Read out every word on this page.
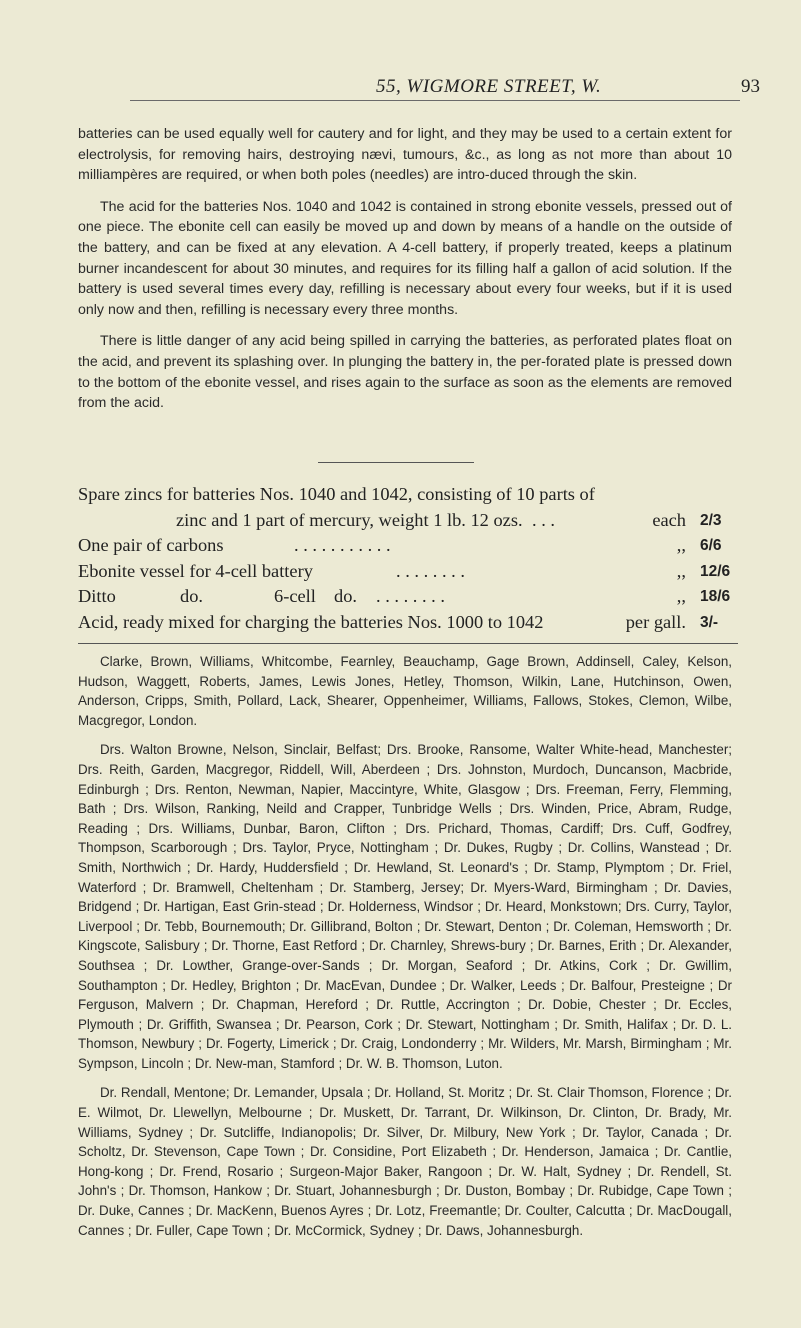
55, WIGMORE STREET, W.	93

batteries can be used equally well for cautery and for light, and they may be used to a certain extent for electrolysis, for removing hairs, destroying nævi, tumours, &c., as long as not more than about 10 milliampères are required, or when both poles (needles) are intro-duced through the skin.

The acid for the batteries Nos. 1040 and 1042 is contained in strong ebonite vessels, pressed out of one piece. The ebonite cell can easily be moved up and down by means of a handle on the outside of the battery, and can be fixed at any elevation. A 4-cell battery, if properly treated, keeps a platinum burner incandescent for about 30 minutes, and requires for its filling half a gallon of acid solution. If the battery is used several times every day, refilling is necessary about every four weeks, but if it is used only now and then, refilling is necessary every three months.

There is little danger of any acid being spilled in carrying the batteries, as perforated plates float on the acid, and prevent its splashing over. In plunging the battery in, the per-forated plate is pressed down to the bottom of the ebonite vessel, and rises again to the surface as soon as the elements are removed from the acid.

Spare zincs for batteries Nos. 1040 and 1042, consisting of 10 parts of
zinc and 1 part of mercury, weight 1 lb. 12 ozs. . . .	each 2/3
One pair of carbons	. . . . . . . . . . .	,, 6/6
Ebonite vessel for 4-cell battery	. . . . . . . .	,, 12/6
Ditto	do.	6-cell do. . . . . . . . .	,, 18/6
Acid, ready mixed for charging the batteries Nos. 1000 to 1042	per gall. 3/-

Clarke, Brown, Williams, Whitcombe, Fearnley, Beauchamp, Gage Brown, Addinsell, Caley, Kelson, Hudson, Waggett, Roberts, James, Lewis Jones, Hetley, Thomson, Wilkin, Lane, Hutchinson, Owen, Anderson, Cripps, Smith, Pollard, Lack, Shearer, Oppenheimer, Williams, Fallows, Stokes, Clemon, Wilbe, Macgregor, London.

Drs. Walton Browne, Nelson, Sinclair, Belfast; Drs. Brooke, Ransome, Walter White-head, Manchester; Drs. Reith, Garden, Macgregor, Riddell, Will, Aberdeen ; Drs. Johnston, Murdoch, Duncanson, Macbride, Edinburgh ; Drs. Renton, Newman, Napier, Maccintyre, White, Glasgow ; Drs. Freeman, Ferry, Flemming, Bath ; Drs. Wilson, Ranking, Neild and Crapper, Tunbridge Wells ; Drs. Winden, Price, Abram, Rudge, Reading ; Drs. Williams, Dunbar, Baron, Clifton ; Drs. Prichard, Thomas, Cardiff; Drs. Cuff, Godfrey, Thompson, Scarborough ; Drs. Taylor, Pryce, Nottingham ; Dr. Dukes, Rugby ; Dr. Collins, Wanstead ; Dr. Smith, Northwich ; Dr. Hardy, Huddersfield ; Dr. Hewland, St. Leonard's ; Dr. Stamp, Plymptom ; Dr. Friel, Waterford ; Dr. Bramwell, Cheltenham ; Dr. Stamberg, Jersey; Dr. Myers-Ward, Birmingham ; Dr. Davies, Bridgend ; Dr. Hartigan, East Grin-stead ; Dr. Holderness, Windsor ; Dr. Heard, Monkstown; Drs. Curry, Taylor, Liverpool ; Dr. Tebb, Bournemouth; Dr. Gillibrand, Bolton ; Dr. Stewart, Denton ; Dr. Coleman, Hemsworth ; Dr. Kingscote, Salisbury ; Dr. Thorne, East Retford ; Dr. Charnley, Shrews-bury ; Dr. Barnes, Erith ; Dr. Alexander, Southsea ; Dr. Lowther, Grange-over-Sands ; Dr. Morgan, Seaford ; Dr. Atkins, Cork ; Dr. Gwillim, Southampton ; Dr. Hedley, Brighton ; Dr. MacEvan, Dundee ; Dr. Walker, Leeds ; Dr. Balfour, Presteigne ; Dr Ferguson, Malvern ; Dr. Chapman, Hereford ; Dr. Ruttle, Accrington ; Dr. Dobie, Chester ; Dr. Eccles, Plymouth ; Dr. Griffith, Swansea ; Dr. Pearson, Cork ; Dr. Stewart, Nottingham ; Dr. Smith, Halifax ; Dr. D. L. Thomson, Newbury ; Dr. Fogerty, Limerick ; Dr. Craig, Londonderry ; Mr. Wilders, Mr. Marsh, Birmingham ; Mr. Sympson, Lincoln ; Dr. New-man, Stamford ; Dr. W. B. Thomson, Luton.

Dr. Rendall, Mentone; Dr. Lemander, Upsala ; Dr. Holland, St. Moritz ; Dr. St. Clair Thomson, Florence ; Dr. E. Wilmot, Dr. Llewellyn, Melbourne ; Dr. Muskett, Dr. Tarrant, Dr. Wilkinson, Dr. Clinton, Dr. Brady, Mr. Williams, Sydney ; Dr. Sutcliffe, Indianopolis; Dr. Silver, Dr. Milbury, New York ; Dr. Taylor, Canada ; Dr. Scholtz, Dr. Stevenson, Cape Town ; Dr. Considine, Port Elizabeth ; Dr. Henderson, Jamaica ; Dr. Cantlie, Hong-kong ; Dr. Frend, Rosario ; Surgeon-Major Baker, Rangoon ; Dr. W. Halt, Sydney ; Dr. Rendell, St. John's ; Dr. Thomson, Hankow ; Dr. Stuart, Johannesburgh ; Dr. Duston, Bombay ; Dr. Rubidge, Cape Town ; Dr. Duke, Cannes ; Dr. MacKenn, Buenos Ayres ; Dr. Lotz, Freemantle; Dr. Coulter, Calcutta ; Dr. MacDougall, Cannes ; Dr. Fuller, Cape Town ; Dr. McCormick, Sydney ; Dr. Daws, Johannesburgh.
